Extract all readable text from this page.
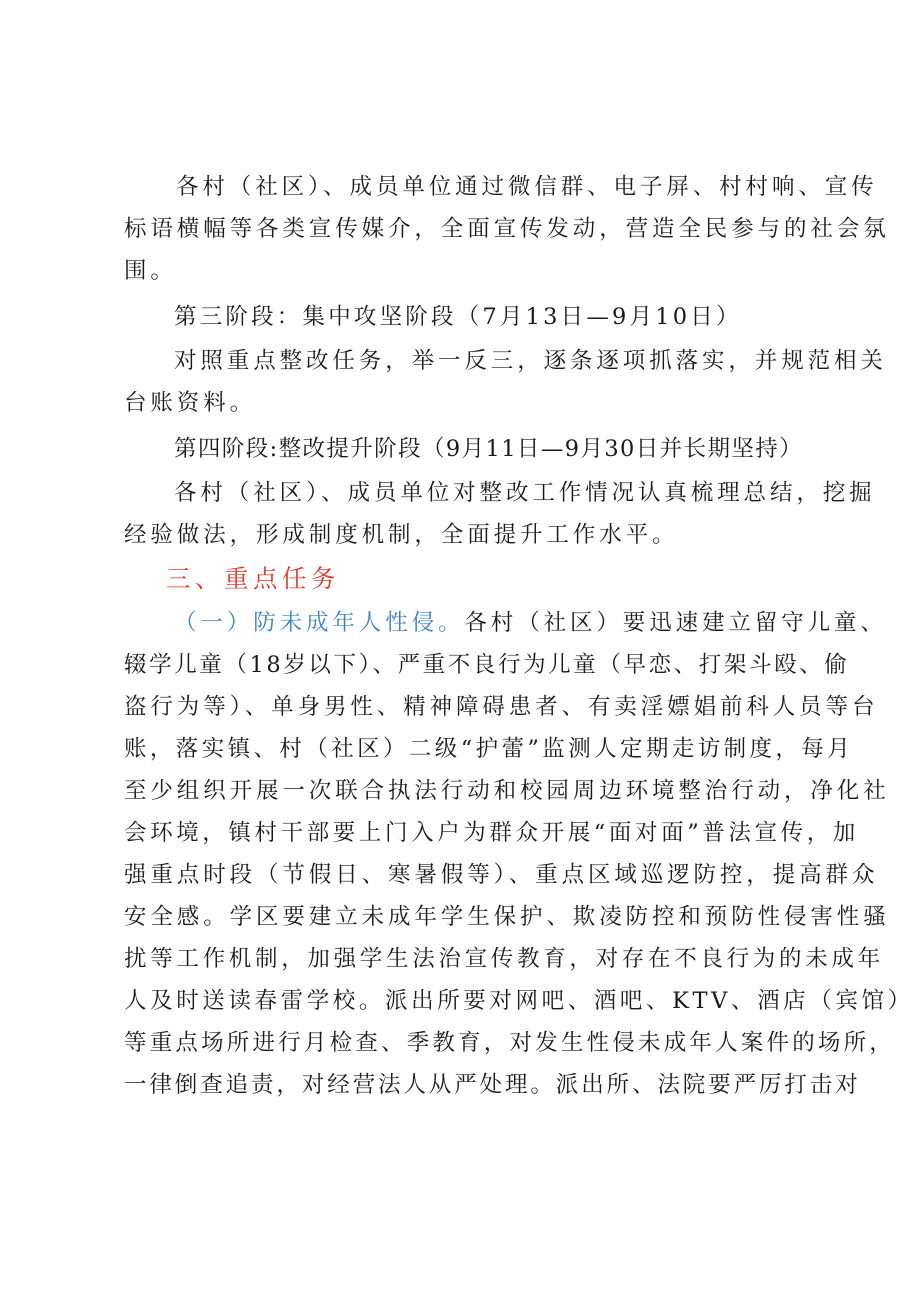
各村（社区）、成员单位通过微信群、电子屏、村村响、宣传
标语横幅等各类宣传媒介，全面宣传发动，营造全民参与的社会氛
围。
第三阶段：集中攻坚阶段（7月13日—9月10日）
对照重点整改任务，举一反三，逐条逐项抓落实，并规范相关
台账资料。
第四阶段:整改提升阶段（9月11日—9月30日并长期坚持）
各村（社区）、成员单位对整改工作情况认真梳理总结，挖掘
经验做法，形成制度机制，全面提升工作水平。
三、重点任务
（一）防未成年人性侵。各村（社区）要迅速建立留守儿童、
辍学儿童（18岁以下）、严重不良行为儿童（早恋、打架斗殴、偷
盗行为等）、单身男性、精神障碍患者、有卖淫嫖娼前科人员等台
账，落实镇、村（社区）二级“护蕾”监测人定期走访制度，每月
至少组织开展一次联合执法行动和校园周边环境整治行动，净化社
会环境，镇村干部要上门入户为群众开展“面对面”普法宣传，加
强重点时段（节假日、寒暑假等）、重点区域巡逻防控，提高群众
安全感。学区要建立未成年学生保护、欺凌防控和预防性侵害性骚
扰等工作机制，加强学生法治宣传教育，对存在不良行为的未成年
人及时送读春雷学校。派出所要对网吧、酒吧、KTV、酒店（宾馆）
等重点场所进行月检查、季教育，对发生性侵未成年人案件的场所，
一律倒查追责，对经营法人从严处理。派出所、法院要严厉打击对
